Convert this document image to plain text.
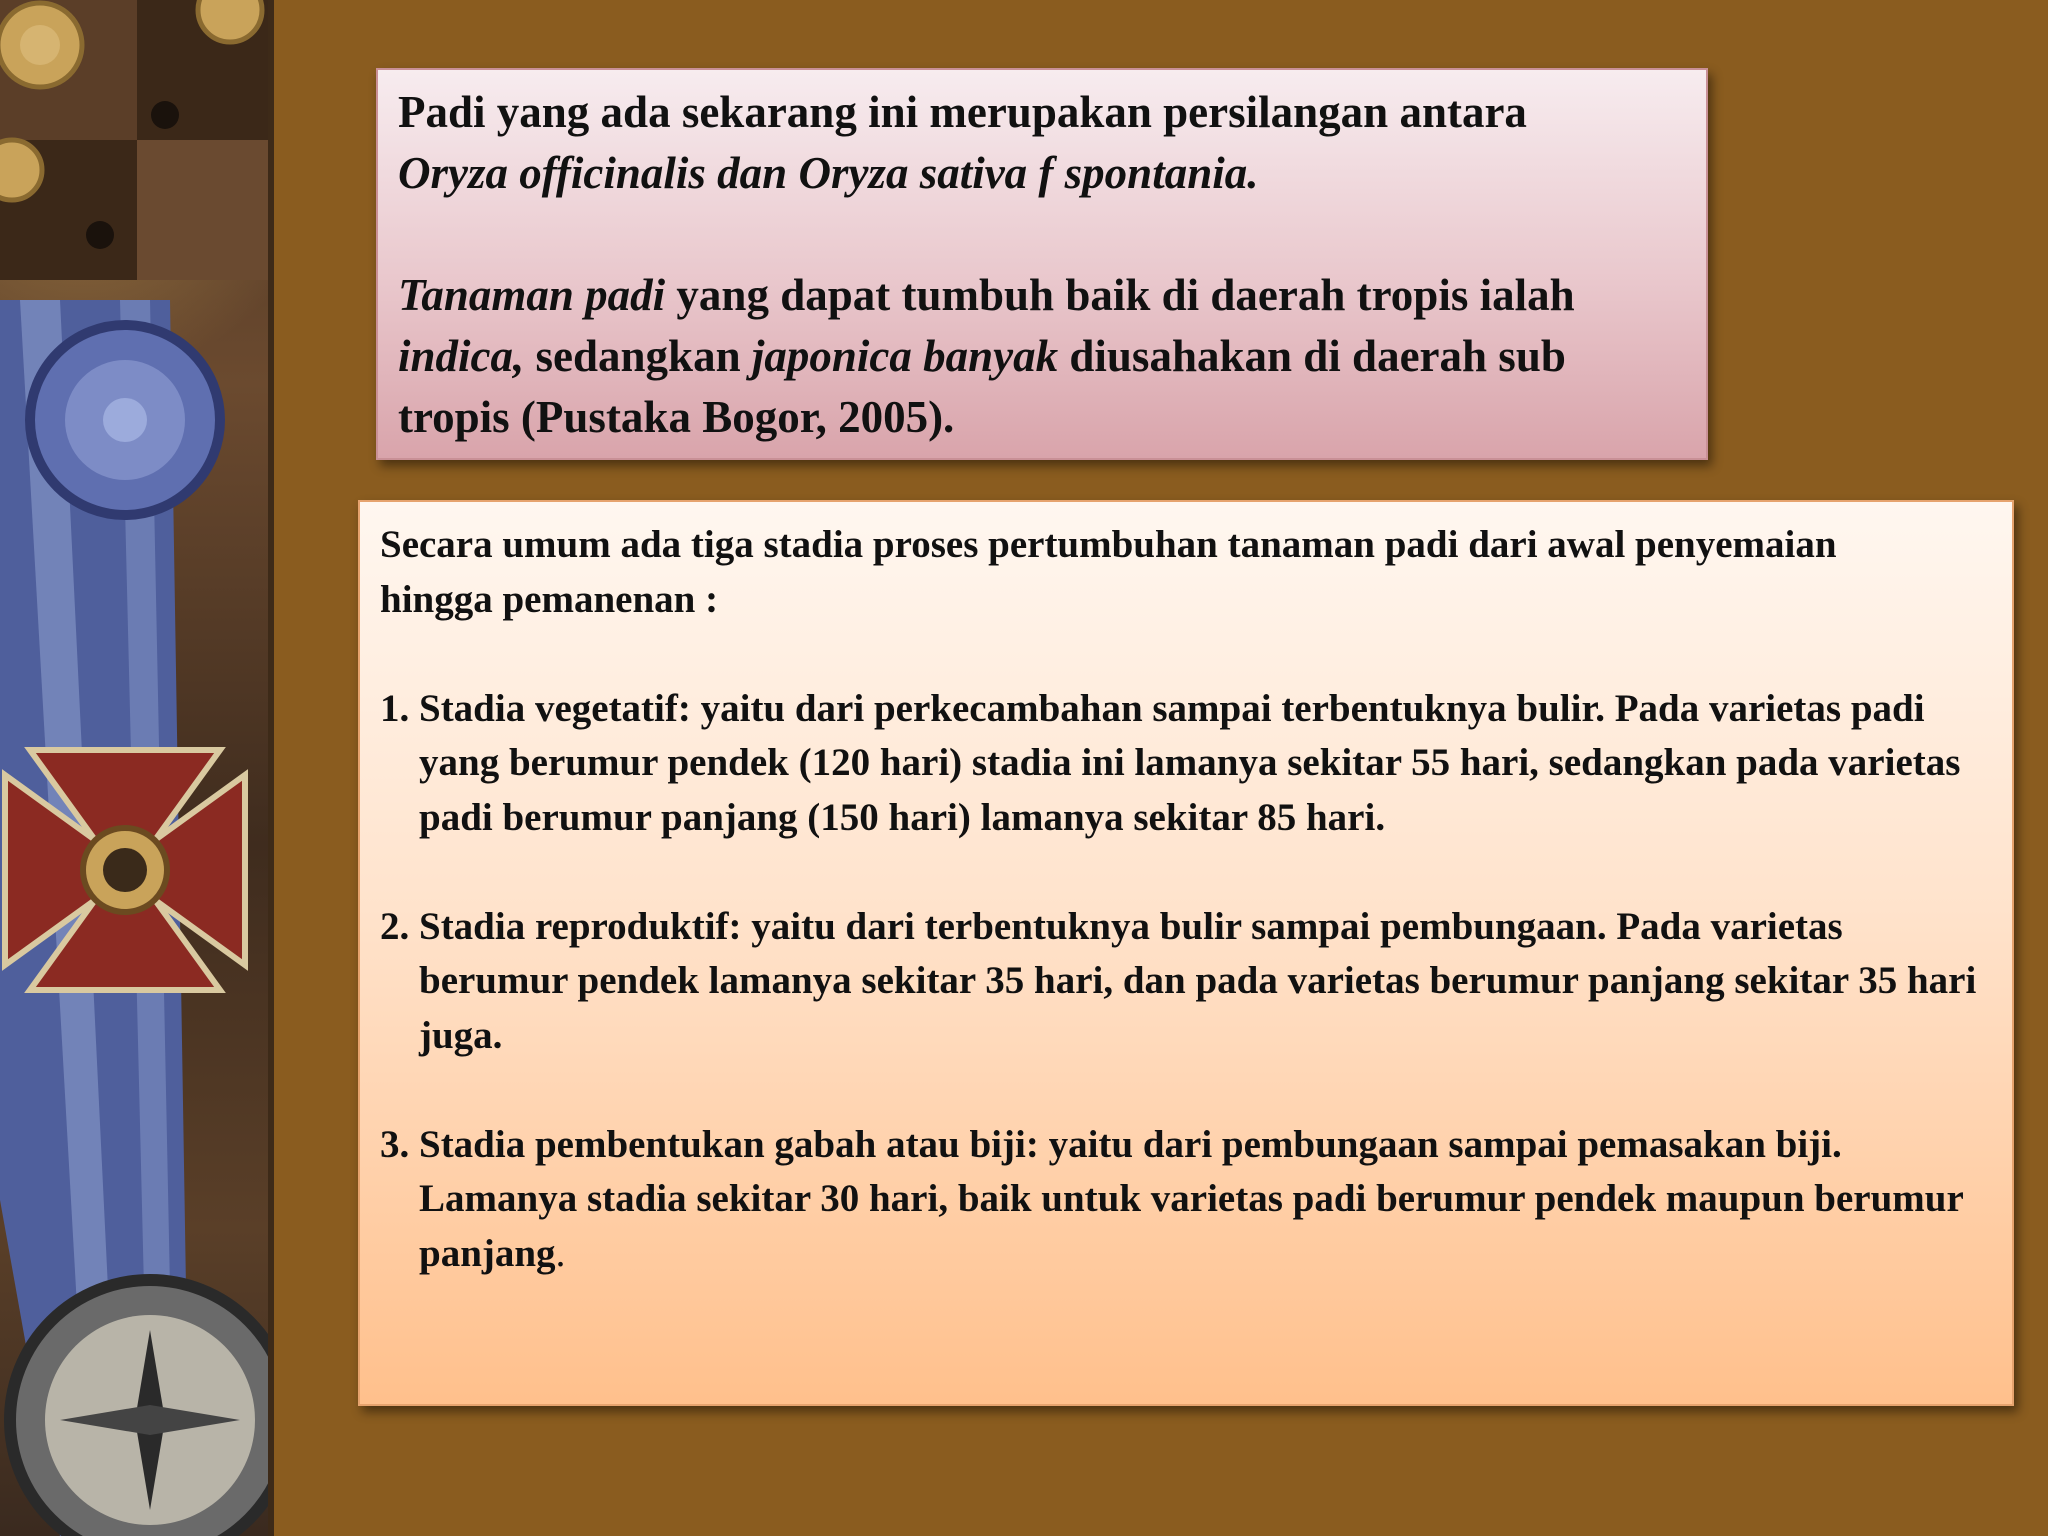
Padi yang ada sekarang ini merupakan persilangan antara
Oryza officinalis dan Oryza sativa f spontania.

Tanaman padi yang dapat tumbuh baik di daerah tropis ialah indica, sedangkan japonica banyak diusahakan di daerah sub tropis (Pustaka Bogor, 2005).

Secara umum ada tiga stadia proses pertumbuhan tanaman padi dari awal penyemaian
hingga pemanenan :

1. Stadia vegetatif: yaitu dari perkecambahan sampai terbentuknya bulir. Pada varietas padi yang berumur pendek (120 hari) stadia ini lamanya sekitar 55 hari, sedangkan pada varietas padi berumur panjang (150 hari) lamanya sekitar 85 hari.

2. Stadia reproduktif: yaitu dari terbentuknya bulir sampai pembungaan. Pada varietas berumur pendek lamanya sekitar 35 hari, dan pada varietas berumur panjang sekitar 35 hari juga.

3. Stadia pembentukan gabah atau biji: yaitu dari pembungaan sampai pemasakan biji. Lamanya stadia sekitar 30 hari, baik untuk varietas padi berumur pendek maupun berumur panjang.
